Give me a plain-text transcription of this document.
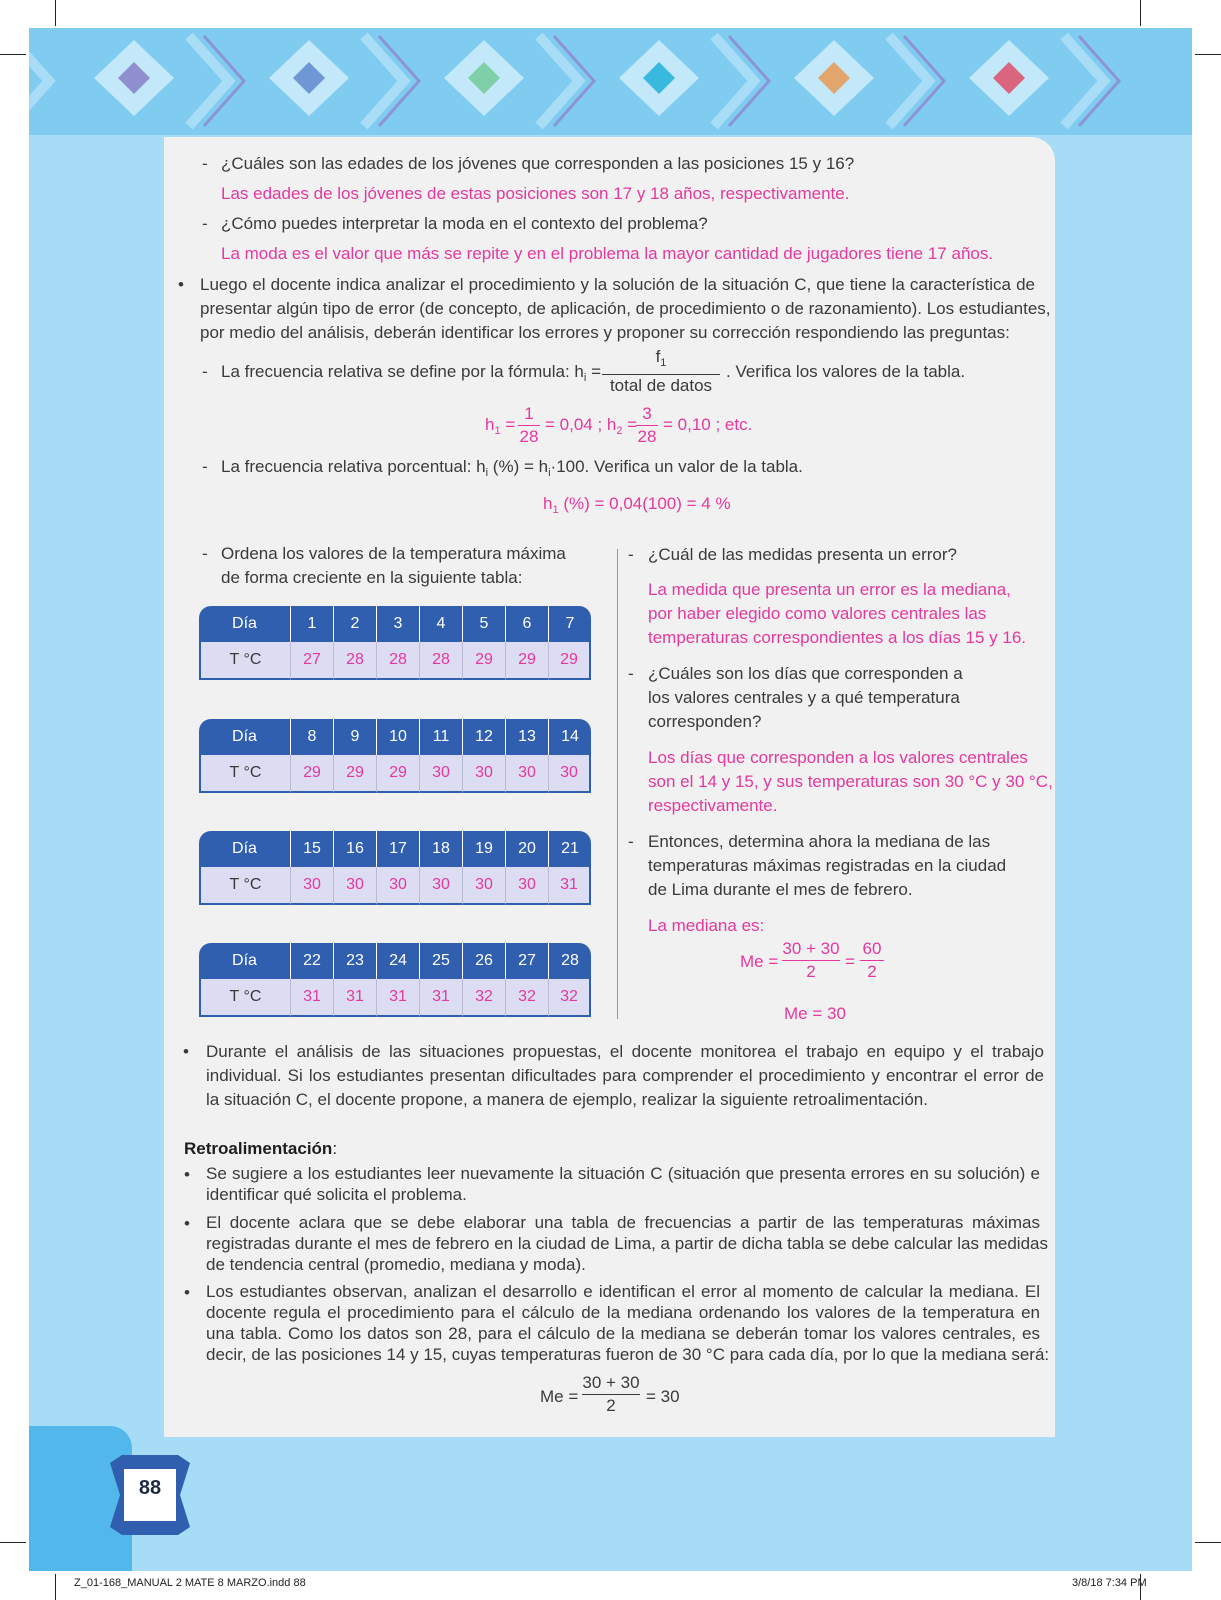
88
- ¿Cuáles son las edades de los jóvenes que corresponden a las posiciones 15 y 16?
Las edades de los jóvenes de estas posiciones son 17 y 18 años, respectivamente.
- ¿Cómo puedes interpretar la moda en el contexto del problema?
La moda es el valor que más se repite y en el problema la mayor cantidad de jugadores tiene 17 años.
• Luego el docente indica analizar el procedimiento y la solución de la situación C, que tiene la característica de
presentar algún tipo de error (de concepto, de aplicación, de procedimiento o de razonamiento). Los estudiantes,
por medio del análisis, deberán identificar los errores y proponer su corrección respondiendo las preguntas:
- La frecuencia relativa se define por la fórmula: $h_i$ =
$f_1$
total de datos
. Verifica los valores de la tabla.
$h_1$ =
1
28
= 0,04 ; $h_2$ =
3
28
= 0,10 ; etc.
- La frecuencia relativa porcentual: $h_i$ (%) = $h_i\cdot 100$. Verifica un valor de la tabla.
$h_1$ (%) = 0,04(100) = 4 %
- Ordena los valores de la temperatura máxima
de forma creciente en la siguiente tabla:
Día	1	2	3	4	5	6	7
T °C	27	28	28	28	29	29	29
Día	8	9	10	11	12	13	14
T °C	29	29	29	30	30	30	30
Día	15	16	17	18	19	20	21
T °C	30	30	30	30	30	30	31
Día	22	23	24	25	26	27	28
T °C	31	31	31	31	32	32	32
- ¿Cuál de las medidas presenta un error?
La medida que presenta un error es la mediana,
por haber elegido como valores centrales las
temperaturas correspondientes a los días 15 y 16.
- ¿Cuáles son los días que corresponden a
los valores centrales y a qué temperatura
corresponden?
Los días que corresponden a los valores centrales
son el 14 y 15, y sus temperaturas son 30 °C y 30 °C,
respectivamente.
- Entonces, determina ahora la mediana de las
temperaturas máximas registradas en la ciudad
de Lima durante el mes de febrero.
La mediana es:
Me =
30 + 30
2
=
60
2
Me = 30
• Durante el análisis de las situaciones propuestas, el docente monitorea el trabajo en equipo y el trabajo
individual. Si los estudiantes presentan dificultades para comprender el procedimiento y encontrar el error de
la situación C, el docente propone, a manera de ejemplo, realizar la siguiente retroalimentación.
Retroalimentación:
• Se sugiere a los estudiantes leer nuevamente la situación C (situación que presenta errores en su solución) e
identificar qué solicita el problema.
• El docente aclara que se debe elaborar una tabla de frecuencias a partir de las temperaturas máximas
registradas durante el mes de febrero en la ciudad de Lima, a partir de dicha tabla se debe calcular las medidas
de tendencia central (promedio, mediana y moda).
• Los estudiantes observan, analizan el desarrollo e identifican el error al momento de calcular la mediana. El
docente regula el procedimiento para el cálculo de la mediana ordenando los valores de la temperatura en
una tabla. Como los datos son 28, para el cálculo de la mediana se deberán tomar los valores centrales, es
decir, de las posiciones 14 y 15, cuyas temperaturas fueron de 30 °C para cada día, por lo que la mediana será:
Me =
30 + 30
2	= 30
Z_01-168_MANUAL 2 MATE 8 MARZO.indd 88	3/8/18 7:34 PM
